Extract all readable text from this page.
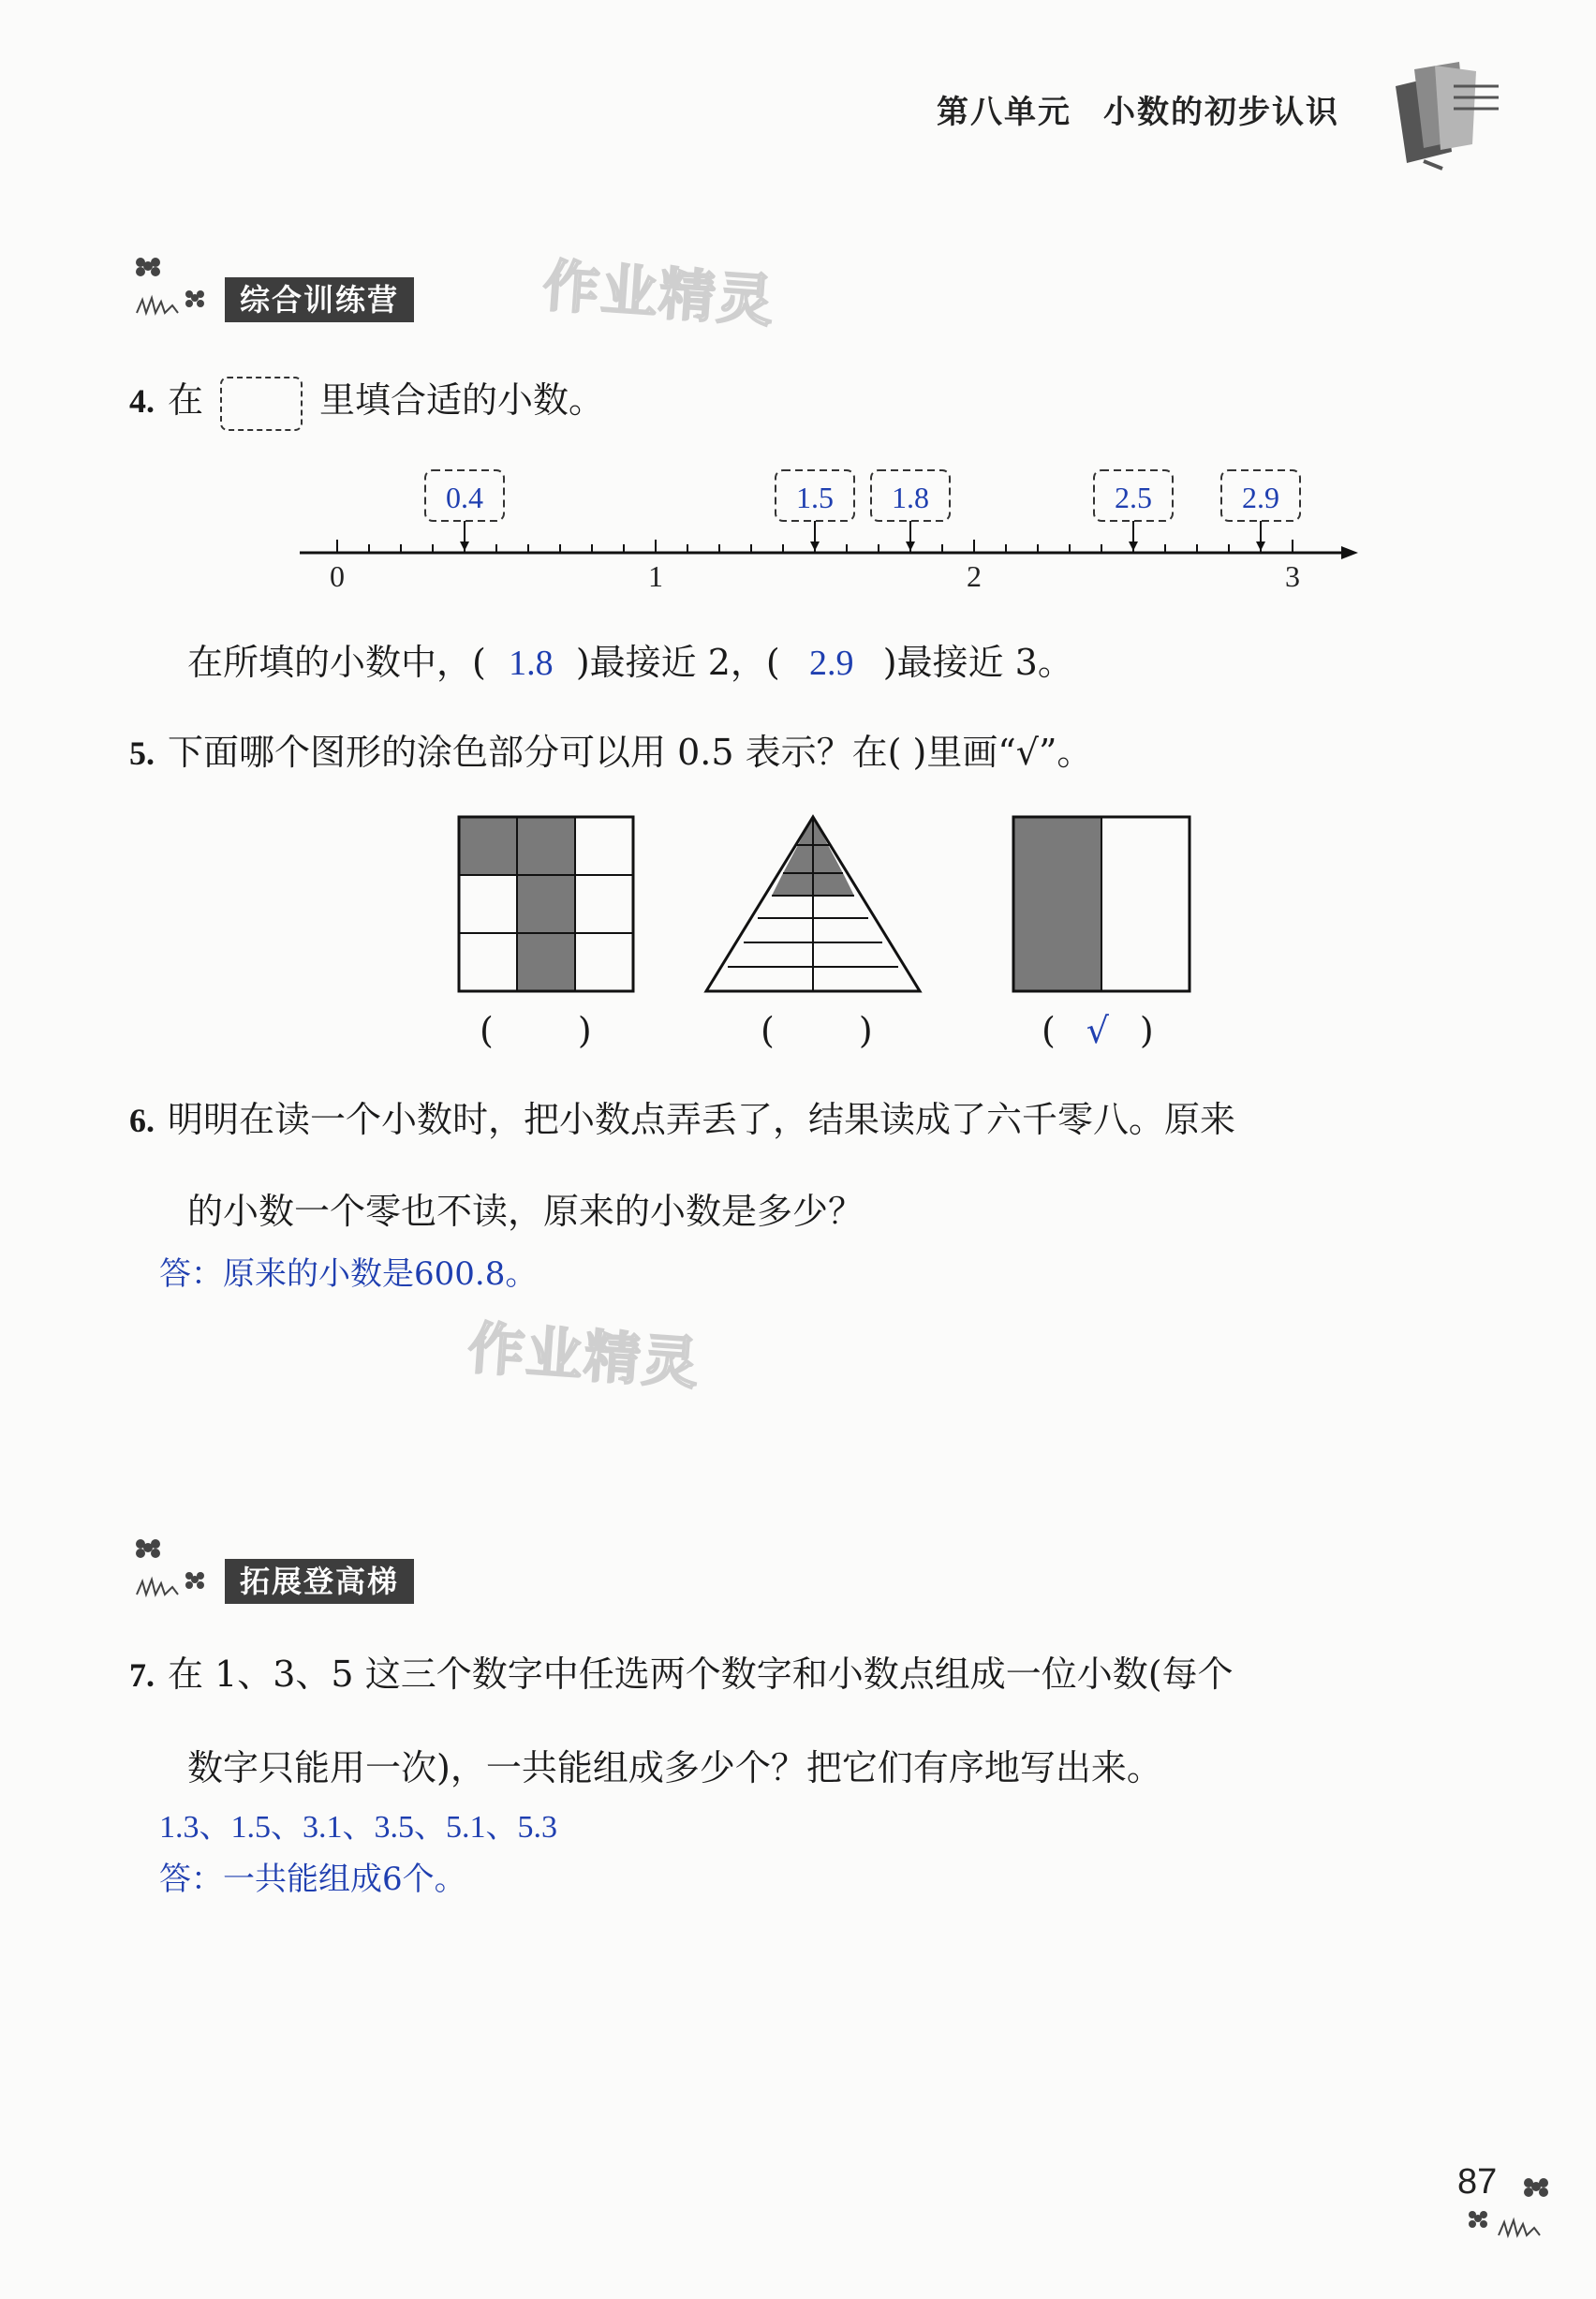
第八单元 小数的初步认识
综合训练营	作业精灵
4. 在	里填合适的小数。
0	1	2	3
0.4	1.5 1.8	2.5	2.9
在所填的小数中，( 1.8 )最接近 2，( 2.9 )最接近 3。
5. 下面哪个图形的涂色部分可以用 0.5 表示？在( )里画“√”。
( )	( )	( √ )
6. 明明在读一个小数时，把小数点弄丢了，结果读成了六千零八。原来
的小数一个零也不读，原来的小数是多少？
答：原来的小数是600.8。
作业精灵
拓展登高梯
7. 在 1、3、5 这三个数字中任选两个数字和小数点组成一位小数(每个
数字只能用一次)，一共能组成多少个？把它们有序地写出来。
1.3、1.5、3.1、3.5、5.1、5.3
答：一共能组成6个。
87
